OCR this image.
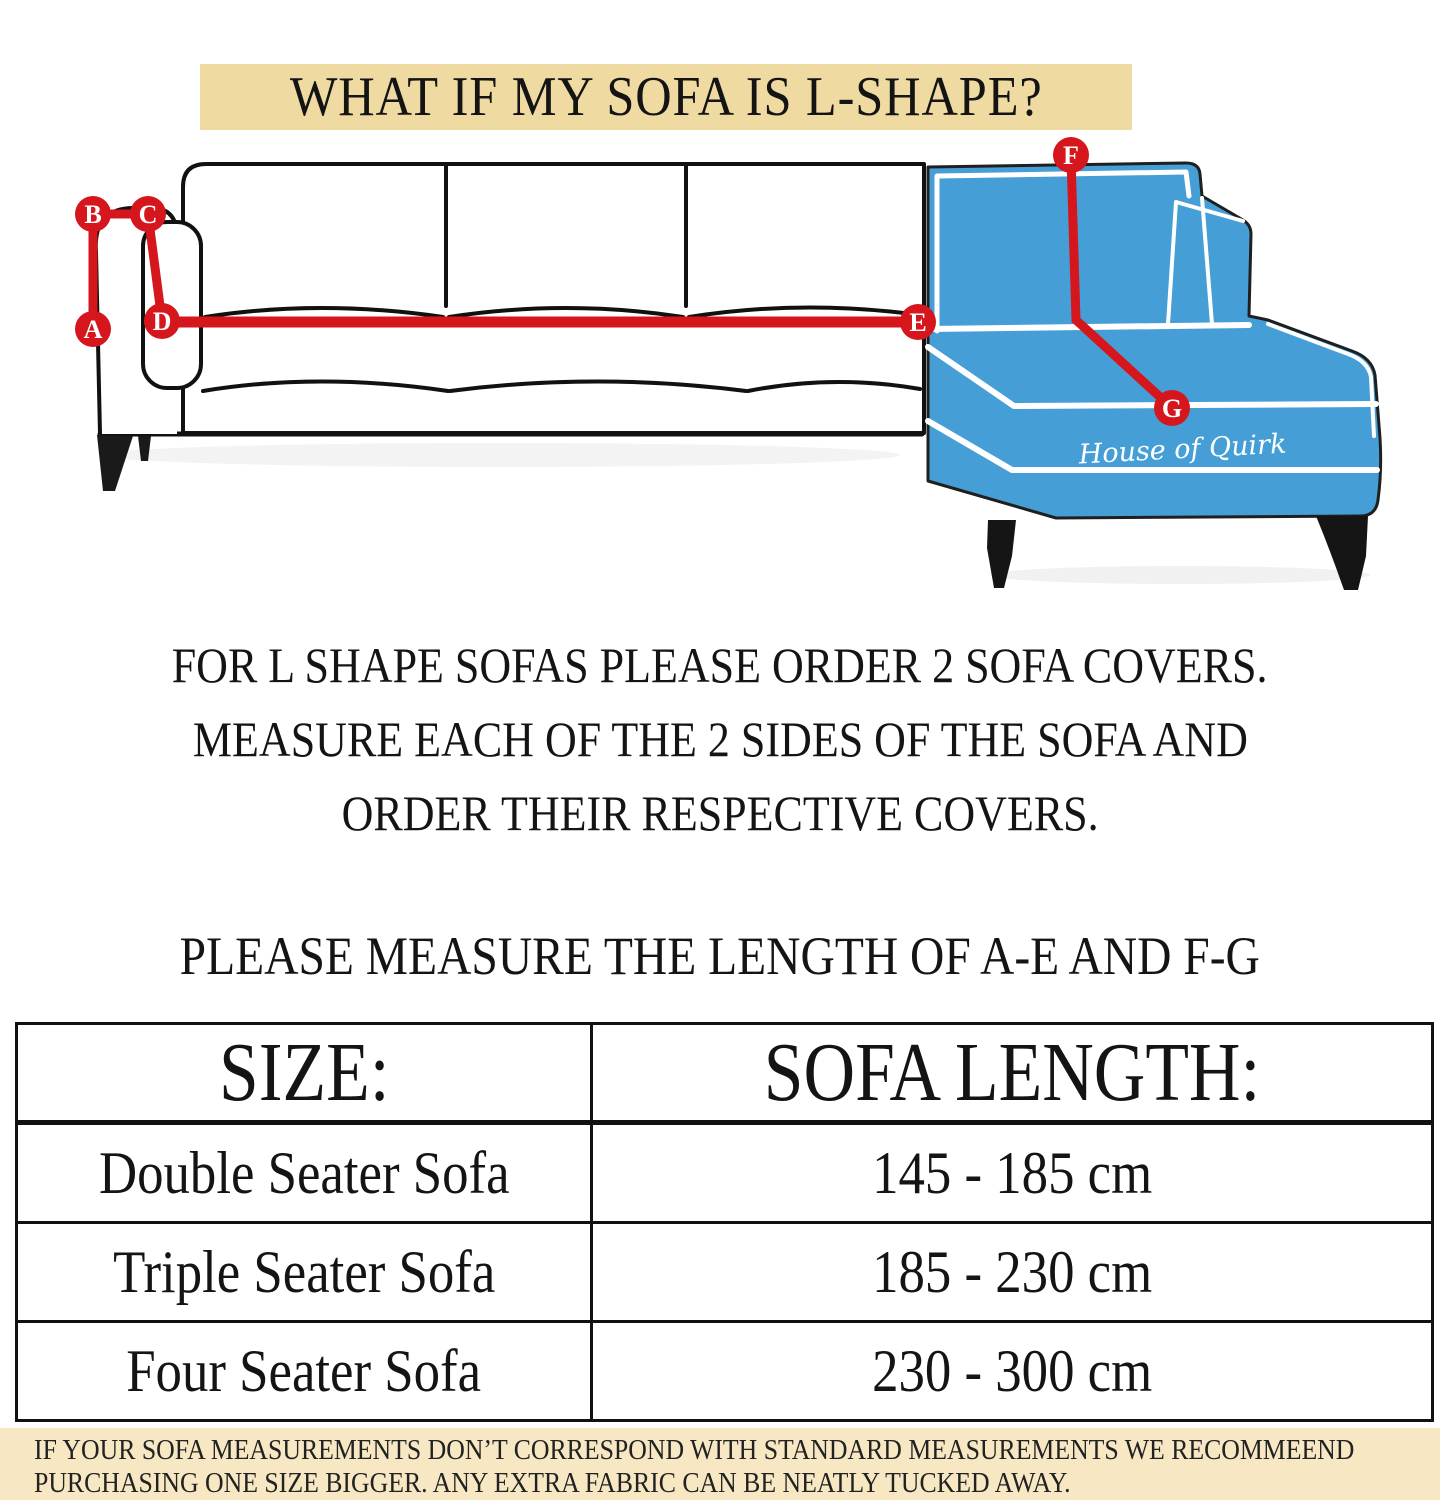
WHAT IF MY SOFA IS L-SHAPE?
House of Quirk
A
B C
D	E
F
G
FOR L SHAPE SOFAS PLEASE ORDER 2 SOFA COVERS.
MEASURE EACH OF THE 2 SIDES OF THE SOFA AND
ORDER THEIR RESPECTIVE COVERS.
PLEASE MEASURE THE LENGTH OF A-E AND F-G
SIZE:	SOFA LENGTH:
Double Seater Sofa	145 - 185 cm
Triple Seater Sofa	185 - 230 cm
Four Seater Sofa	230 - 300 cm
IF YOUR SOFA MEASUREMENTS DON’T CORRESPOND WITH STANDARD MEASUREMENTS WE RECOMMEEND
PURCHASING ONE SIZE BIGGER. ANY EXTRA FABRIC CAN BE NEATLY TUCKED AWAY.
